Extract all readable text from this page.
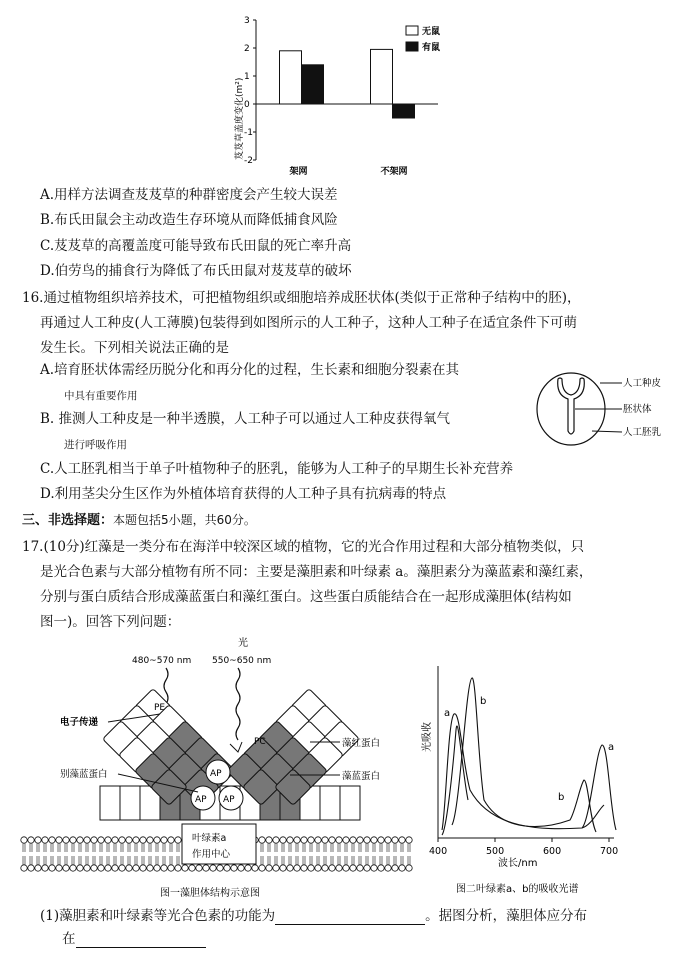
3
2
1
0
-1
-2
芨芨草盖度变化(m²)
架网	不架网
无鼠
有鼠
A.用样方法调查芨芨草的种群密度会产生较大误差
B.布氏田鼠会主动改造生存环境从而降低捕食风险
C.芨芨草的高覆盖度可能导致布氏田鼠的死亡率升高
D.伯劳鸟的捕食行为降低了布氏田鼠对芨芨草的破坏
16.通过植物组织培养技术，可把植物组织或细胞培养成胚状体(类似于正常种子结构中的胚)，
再通过人工种皮(人工薄膜)包装得到如图所示的人工种子，这种人工种子在适宜条件下可萌
发生长。下列相关说法正确的是
A.培育胚状体需经历脱分化和再分化的过程，生长素和细胞分裂素在其
中具有重要作用
B. 推测人工种皮是一种半透膜，人工种子可以通过人工种皮获得氧气
进行呼吸作用
C.人工胚乳相当于单子叶植物种子的胚乳，能够为人工种子的早期生长补充营养
D.利用茎尖分生区作为外植体培育获得的人工种子具有抗病毒的特点
人工种皮
胚状体
人工胚乳
三、非选择题：本题包括5小题，共60分。
17.(10分)红藻是一类分布在海洋中较深区域的植物，它的光合作用过程和大部分植物类似，只
是光合色素与大部分植物有所不同：主要是藻胆素和叶绿素 a。藻胆素分为藻蓝素和藻红素，
分别与蛋白质结合形成藻蓝蛋白和藻红蛋白。这些蛋白质能结合在一起形成藻胆体(结构如
图一)。回答下列问题：
光
480~570 nm 550~650 nm
AP
AP AP
PE
PC
叶绿素a
作用中心
电子传递
别藻蓝蛋白
藻红蛋白
藻蓝蛋白
图一藻胆体结构示意图
光吸收
400	500	600	700
a
b
a
b
波长/nm
图二叶绿素a、b的吸收光谱
(1)藻胆素和叶绿素等光合色素的功能为	。据图分析，藻胆体应分布
在
